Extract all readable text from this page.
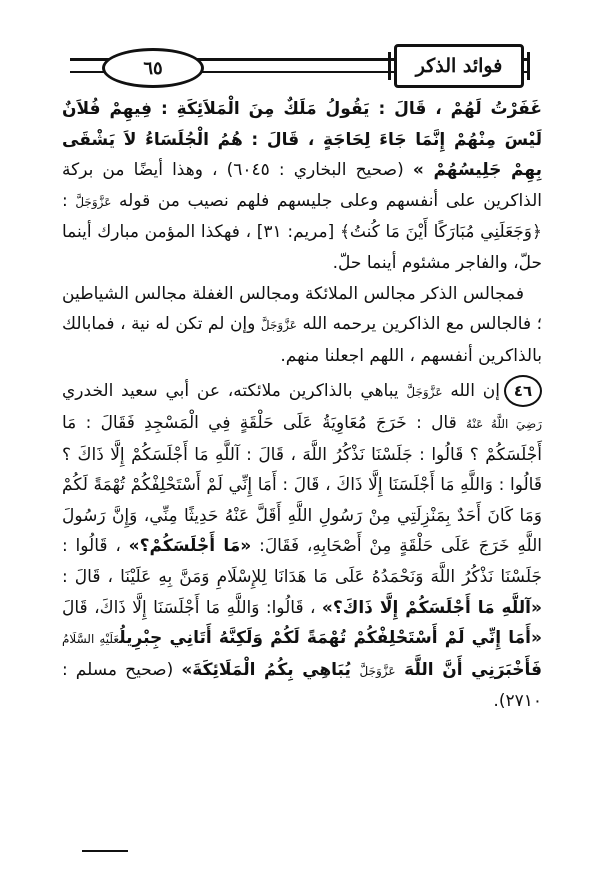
٦٥	فوائد الذكر

غَفَرْتُ لَهُمْ ، قَالَ : يَقُولُ مَلَكٌ مِنَ الْمَلاَئِكَةِ : فِيهِمْ فُلاَنٌ لَيْسَ مِنْهُمْ إِنَّمَا جَاءَ لِحَاجَةٍ ، قَالَ : هُمُ الْجُلَسَاءُ لاَ يَشْقَى بِهِمْ جَلِيسُهُمْ » (صحيح البخاري : ٦٠٤٥) ، وهذا أيضًا من بركة الذاكرين على أنفسهم وعلى جليسهم فلهم نصيب من قوله عَزَّوَجَلَّ : ﴿وَجَعَلَنِي مُبَارَكًا أَيْنَ مَا كُنتُ﴾ [مريم: ٣١] ، فهكذا المؤمن مبارك أينما حلّ، والفاجر مشئوم أينما حلّ.

فمجالس الذكر مجالس الملائكة ومجالس الغفلة مجالس الشياطين ؛ فالجالس مع الذاكرين يرحمه الله عَزَّوَجَلَّ وإن لم تكن له نية ، فمابالك بالذاكرين أنفسهم ، اللهم اجعلنا منهم.

٤٦إن الله عَزَّوَجَلَّ يباهي بالذاكرين ملائكته، عن أبي سعيد الخدري رَضِيَ اللَّهُ عَنْهُ قال : خَرَجَ مُعَاوِيَةُ عَلَى حَلْقَةٍ فِي الْمَسْجِدِ فَقَالَ : مَا أَجْلَسَكُمْ ؟ قَالُوا : جَلَسْنَا نَذْكُرُ اللَّهَ ، قَالَ : آللَّهِ مَا أَجْلَسَكُمْ إِلَّا ذَاكَ ؟ قَالُوا : وَاللَّهِ مَا أَجْلَسَنَا إِلَّا ذَاكَ ، قَالَ : أَمَا إِنِّي لَمْ أَسْتَحْلِفْكُمْ تُهْمَةً لَكُمْ وَمَا كَانَ أَحَدٌ بِمَنْزِلَتِي مِنْ رَسُولِ اللَّهِ أَقَلَّ عَنْهُ حَدِيثًا مِنِّي، وَإِنَّ رَسُولَ اللَّهِ خَرَجَ عَلَى حَلْقَةٍ مِنْ أَصْحَابِهِ، فَقَالَ: «مَا أَجْلَسَكُمْ؟» ، قَالُوا : جَلَسْنَا نَذْكُرُ اللَّهَ وَنَحْمَدُهُ عَلَى مَا هَدَانَا لِلإِسْلَامِ وَمَنَّ بِهِ عَلَيْنَا ، قَالَ : «آللَّهِ مَا أَجْلَسَكُمْ إِلَّا ذَاكَ؟» ، قَالُوا: وَاللَّهِ مَا أَجْلَسَنَا إِلَّا ذَاكَ، قَالَ «أَمَا إِنِّي لَمْ أَسْتَحْلِفْكُمْ تُهْمَةً لَكُمْ وَلَكِنَّهُ أَتَانِي جِبْرِيلُعَلَيْهِ السَّلَامُ فَأَخْبَرَنِي أَنَّ اللَّهَ عَزَّوَجَلَّ يُبَاهِي بِكُمُ الْمَلَائِكَةَ» (صحيح مسلم : ٢٧١٠).
